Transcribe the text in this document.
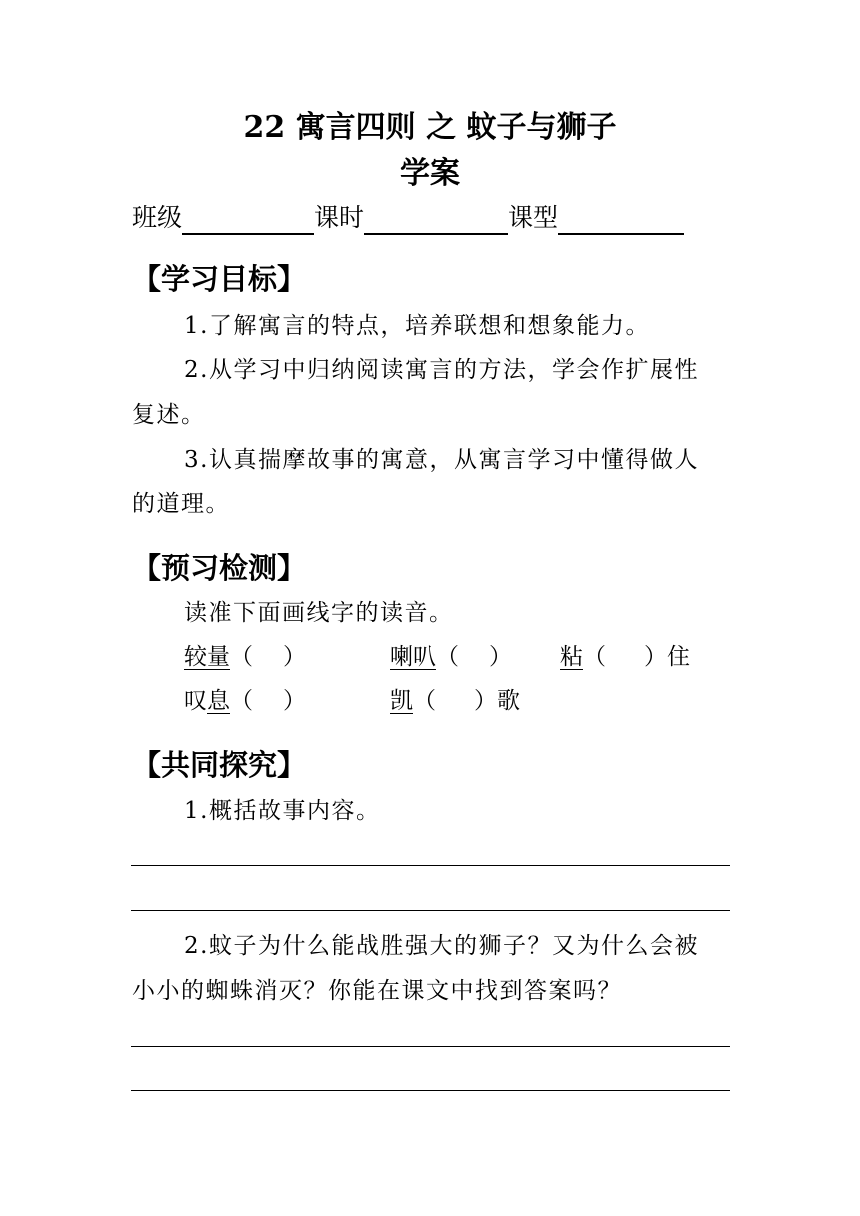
22 寓言四则 之 蚊子与狮子
学案
班级	课时	课型
【学习目标】
1.了解寓言的特点，培养联想和想象能力。
2.从学习中归纳阅读寓言的方法，学会作扩展性
复述。
3.认真揣摩故事的寓意，从寓言学习中懂得做人
的道理。
【预习检测】
读准下面画线字的读音。
较量（ ）	喇叭（ ） 粘（ ）住
叹息（ ）	凯（ ）歌
【共同探究】
1.概括故事内容。
2.蚊子为什么能战胜强大的狮子？又为什么会被
小小的蜘蛛消灭？你能在课文中找到答案吗？
